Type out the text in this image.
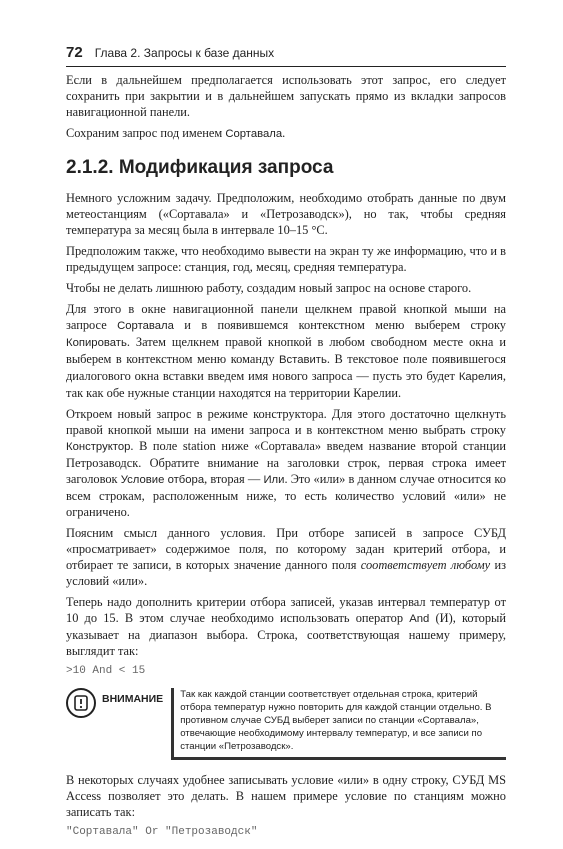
72 Глава 2. Запросы к базе данных

Если в дальнейшем предполагается использовать этот запрос, его следует сохранить при закрытии и в дальнейшем запускать прямо из вкладки запросов навигационной панели.

Сохраним запрос под именем Сортавала.

2.1.2. Модификация запроса

Немного усложним задачу. Предположим, необходимо отобрать данные по двум метеостанциям («Сортавала» и «Петрозаводск»), но так, чтобы средняя температура за месяц была в интервале 10–15 °С.

Предположим также, что необходимо вывести на экран ту же информацию, что и в предыдущем запросе: станция, год, месяц, средняя температура.

Чтобы не делать лишнюю работу, создадим новый запрос на основе старого.

Для этого в окне навигационной панели щелкнем правой кнопкой мыши на запросе Сортавала и в появившемся контекстном меню выберем строку Копировать. Затем щелкнем правой кнопкой в любом свободном месте окна и выберем в контекстном меню команду Вставить. В текстовое поле появившегося диалогового окна вставки введем имя нового запроса — пусть это будет Карелия, так как обе нужные станции находятся на территории Карелии.

Откроем новый запрос в режиме конструктора. Для этого достаточно щелкнуть правой кнопкой мыши на имени запроса и в контекстном меню выбрать строку Конструктор. В поле station ниже «Сортавала» введем название второй станции Петрозаводск. Обратите внимание на заголовки строк, первая строка имеет заголовок Условие отбора, вторая — Или. Это «или» в данном случае относится ко всем строкам, расположенным ниже, то есть количество условий «или» не ограничено.

Поясним смысл данного условия. При отборе записей в запросе СУБД «просматривает» содержимое поля, по которому задан критерий отбора, и отбирает те записи, в которых значение данного поля соответствует любому из условий «или».

Теперь надо дополнить критерии отбора записей, указав интервал температур от 10 до 15. В этом случае необходимо использовать оператор And (И), который указывает на диапазон выбора. Строка, соответствующая нашему примеру, выглядит так:

>10 And < 15
ВНИМАНИЕ	Так как каждой станции соответствует отдельная строка, критерий отбора температур нужно повторить для каждой станции отдельно. В противном случае СУБД выберет записи по станции «Сортавала», отвечающие необходимому интервалу температур, и все записи по станции «Петрозаводск».

В некоторых случаях удобнее записывать условие «или» в одну строку, СУБД MS Access позволяет это делать. В нашем примере условие по станциям можно записать так:

"Сортавала" Or "Петрозаводск"
